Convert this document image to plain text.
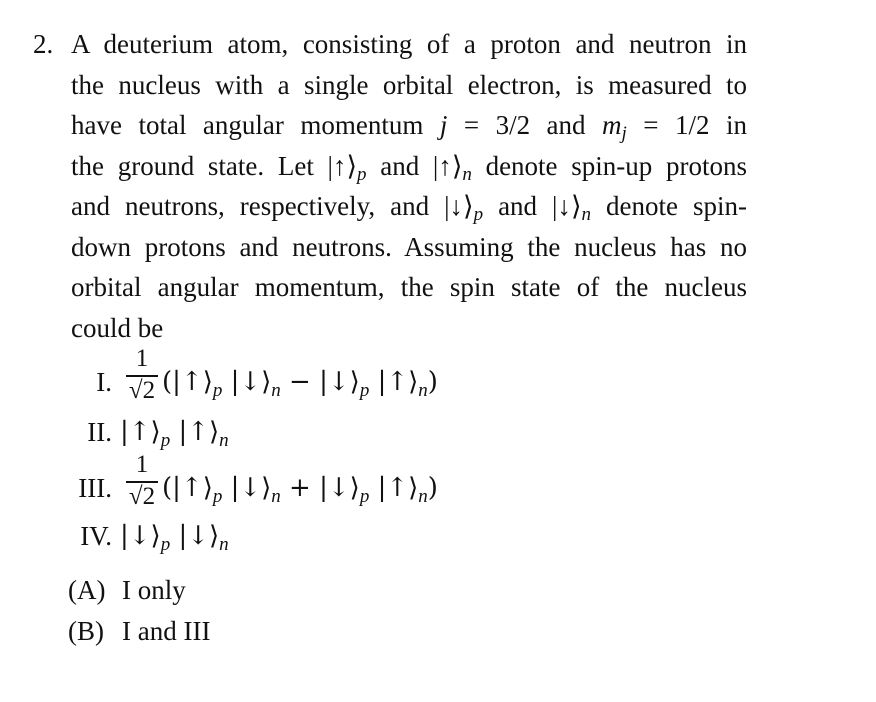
2. A deuterium atom, consisting of a proton and neutron in
the nucleus with a single orbital electron, is measured to
have total angular momentum j = 3/2 and $m_j = 1/2$ in
the ground state. Let $|↑⟩_p$ and $|↑⟩_n$ denote spin-up protons
and neutrons, respectively, and $|↓⟩_p$ and $|↓⟩_n$ denote spin-
down protons and neutrons. Assuming the nucleus has no
orbital angular momentum, the spin state of the nucleus
could be
I.
1
√2 ($|↑⟩_p$ $|↓⟩_n$ − $|↓⟩_p$ $|↑⟩_n$)
II. $|↑⟩_p$ $|↑⟩_n$
III.
1
√2 ($|↑⟩_p$ $|↓⟩_n$ + $|↓⟩_p$ $|↑⟩_n$)
IV. $|↓⟩_p$ $|↓⟩_n$
(A) I only
(B) I and III
